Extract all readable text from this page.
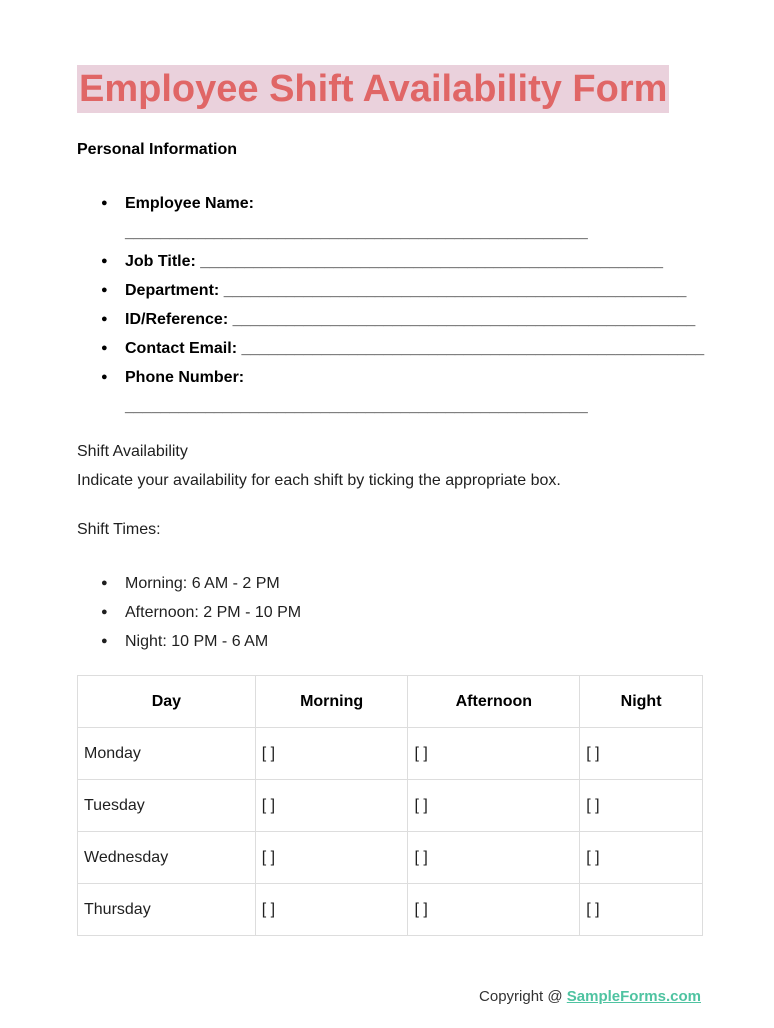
Employee Shift Availability Form

Personal Information

● Employee Name:
____________________________________________________
● Job Title: ____________________________________________________
● Department: ____________________________________________________
● ID/Reference: ____________________________________________________
● Contact Email: ____________________________________________________
● Phone Number:
____________________________________________________

Shift Availability

Indicate your availability for each shift by ticking the appropriate box.

Shift Times:

● Morning: 6 AM - 2 PM
● Afternoon: 2 PM - 10 PM
● Night: 10 PM - 6 AM
Day	Morning	Afternoon	Night
Monday	[ ]	[ ]	[ ]
Tuesday	[ ]	[ ]	[ ]
Wednesday	[ ]	[ ]	[ ]
Thursday	[ ]	[ ]	[ ]
Copyright @ SampleForms.com
